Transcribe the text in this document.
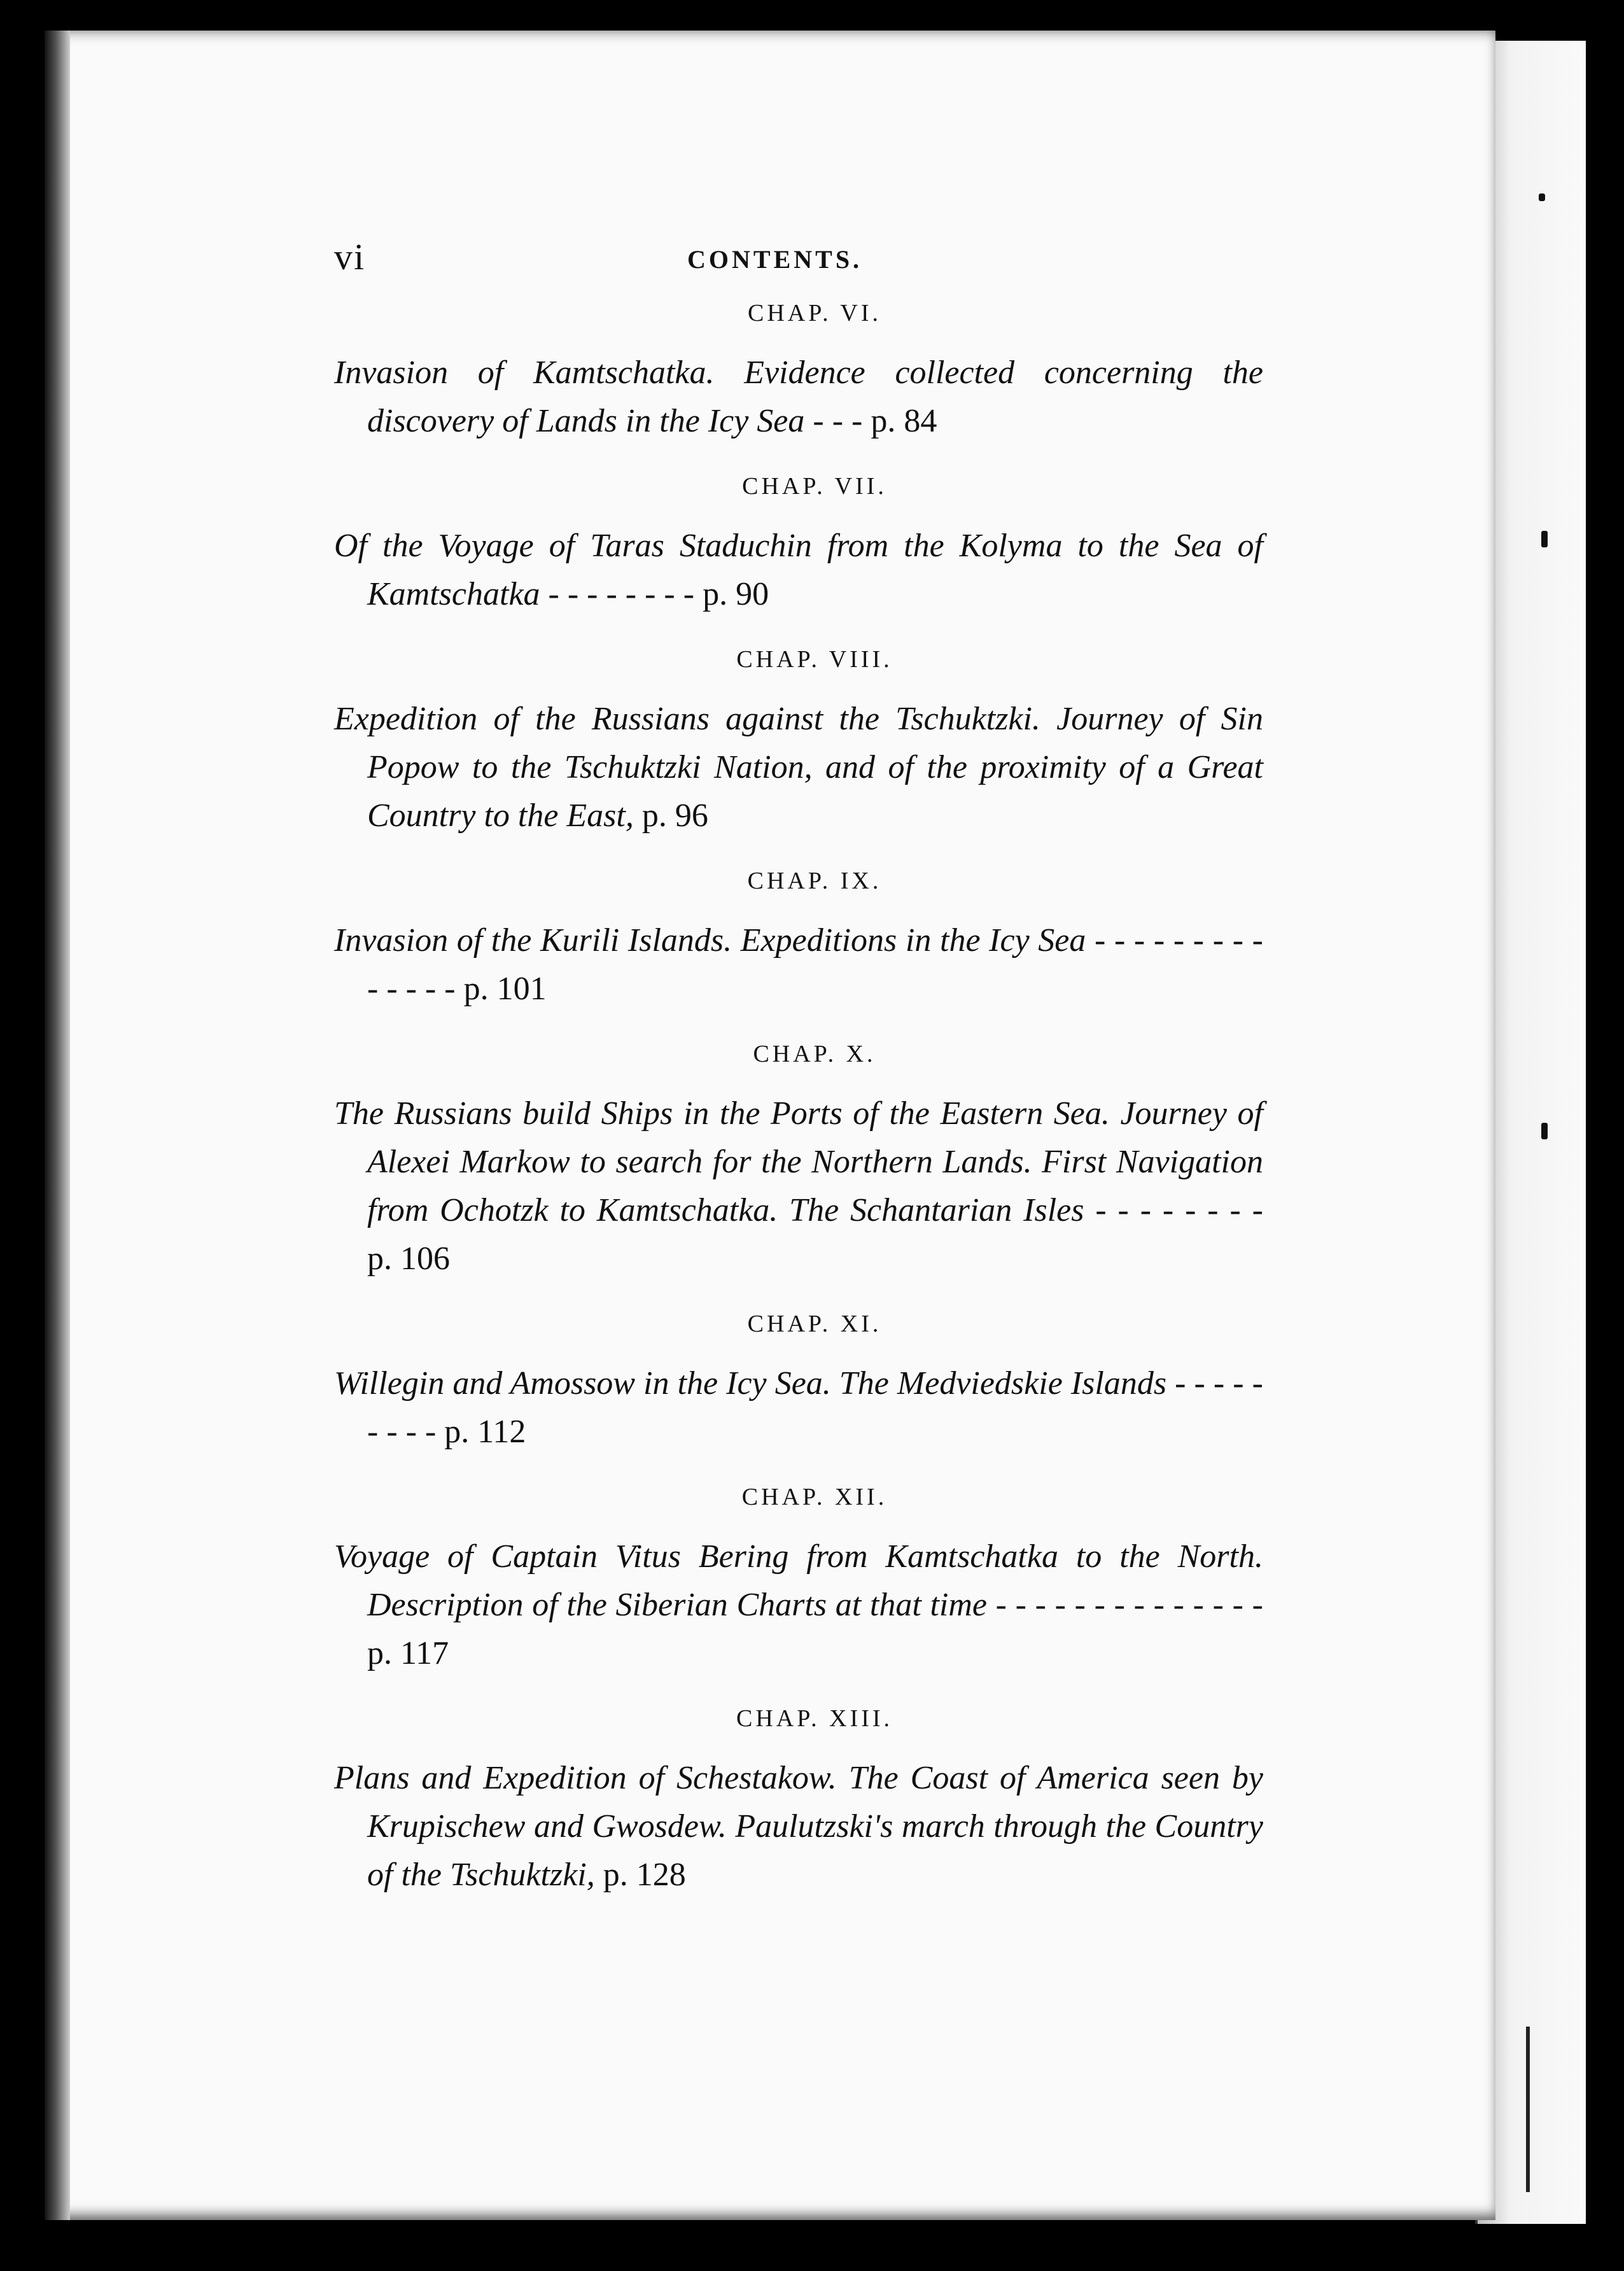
vi	CONTENTS.
CHAP. VI.
Invasion of Kamtschatka. Evidence collected concerning the discovery of Lands in the Icy Sea - - - p. 84
CHAP. VII.
Of the Voyage of Taras Staduchin from the Kolyma to the Sea of Kamtschatka - - - - - - - - p. 90
CHAP. VIII.
Expedition of the Russians against the Tschuktzki. Journey of Sin Popow to the Tschuktzki Nation, and of the proximity of a Great Country to the East, p. 96
CHAP. IX.
Invasion of the Kurili Islands. Expeditions in the Icy Sea - - - - - - - - - - - - - - p. 101
CHAP. X.
The Russians build Ships in the Ports of the Eastern Sea. Journey of Alexei Markow to search for the Northern Lands. First Navigation from Ochotzk to Kamtschatka. The Schantarian Isles - - - - - - - - p. 106
CHAP. XI.
Willegin and Amossow in the Icy Sea. The Medviedskie Islands - - - - - - - - - p. 112
CHAP. XII.
Voyage of Captain Vitus Bering from Kamtschatka to the North. Description of the Siberian Charts at that time - - - - - - - - - - - - - - p. 117
CHAP. XIII.
Plans and Expedition of Schestakow. The Coast of America seen by Krupischew and Gwosdew. Paulutzski's march through the Country of the Tschuktzki, p. 128
